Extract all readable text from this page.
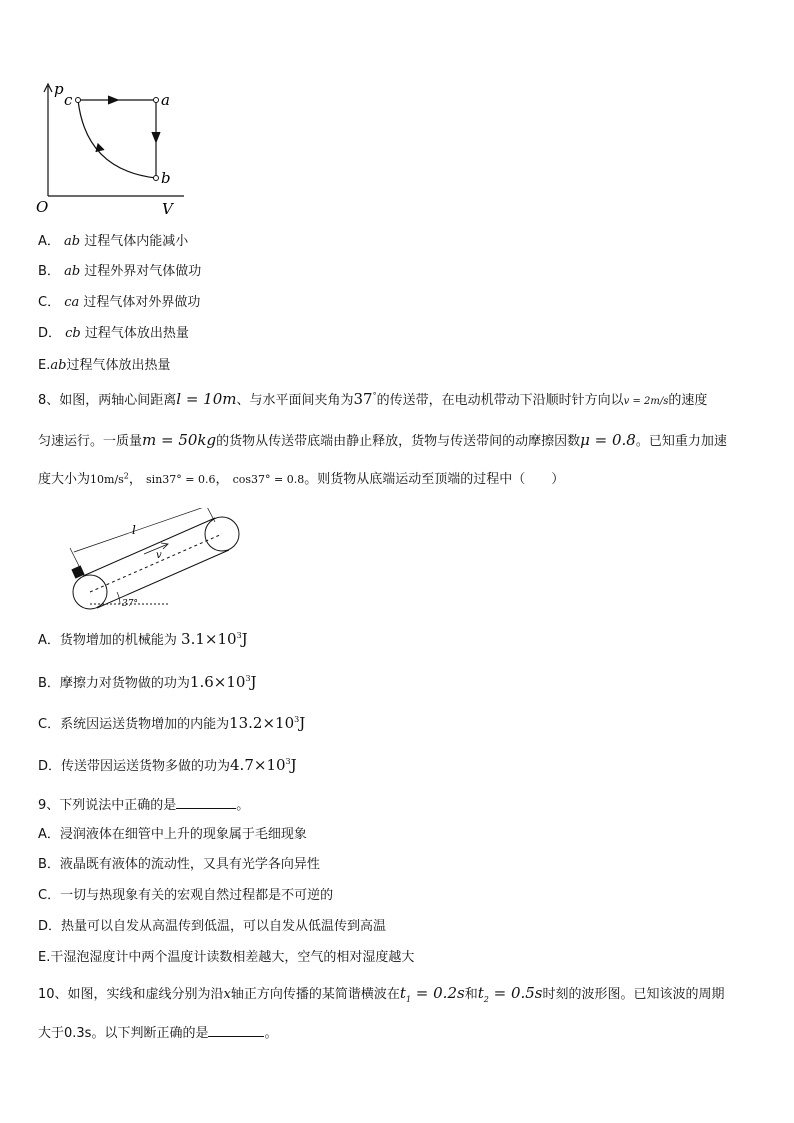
p
c	a
b
O	V
A． ab 过程气体内能减小
B． ab 过程外界对气体做功
C． ca 过程气体对外界做功
D． cb 过程气体放出热量
E.ab过程气体放出热量
8、如图，两轴心间距离l = 10m、与水平面间夹角为37°的传送带，在电动机带动下沿顺时针方向以v = 2m/s的速度
匀速运行。一质量m = 50kg的货物从传送带底端由静止释放，货物与传送带间的动摩擦因数μ = 0.8。已知重力加速
度大小为$10m/s^2$， sin37° = 0.6， cos37° = 0.8。则货物从底端运动至顶端的过程中（　　）
l
v
37°
A．货物增加的机械能为 $3.1\times 10^3J$
B．摩擦力对货物做的功为$1.6\times 10^3J$
C．系统因运送货物增加的内能为$13.2\times 10^3J$
D．传送带因运送货物多做的功为$4.7\times 10^3J$
9、下列说法中正确的是	。
A．浸润液体在细管中上升的现象属于毛细现象
B．液晶既有液体的流动性，又具有光学各向异性
C．一切与热现象有关的宏观自然过程都是不可逆的
D．热量可以自发从高温传到低温，可以自发从低温传到高温
E.干湿泡湿度计中两个温度计读数相差越大，空气的相对湿度越大
10、如图，实线和虚线分别为沿x轴正方向传播的某简谐横波在$t_1 = 0.2s$和$t_2 = 0.5s$时刻的波形图。已知该波的周期
大于0.3s。以下判断正确的是	。
